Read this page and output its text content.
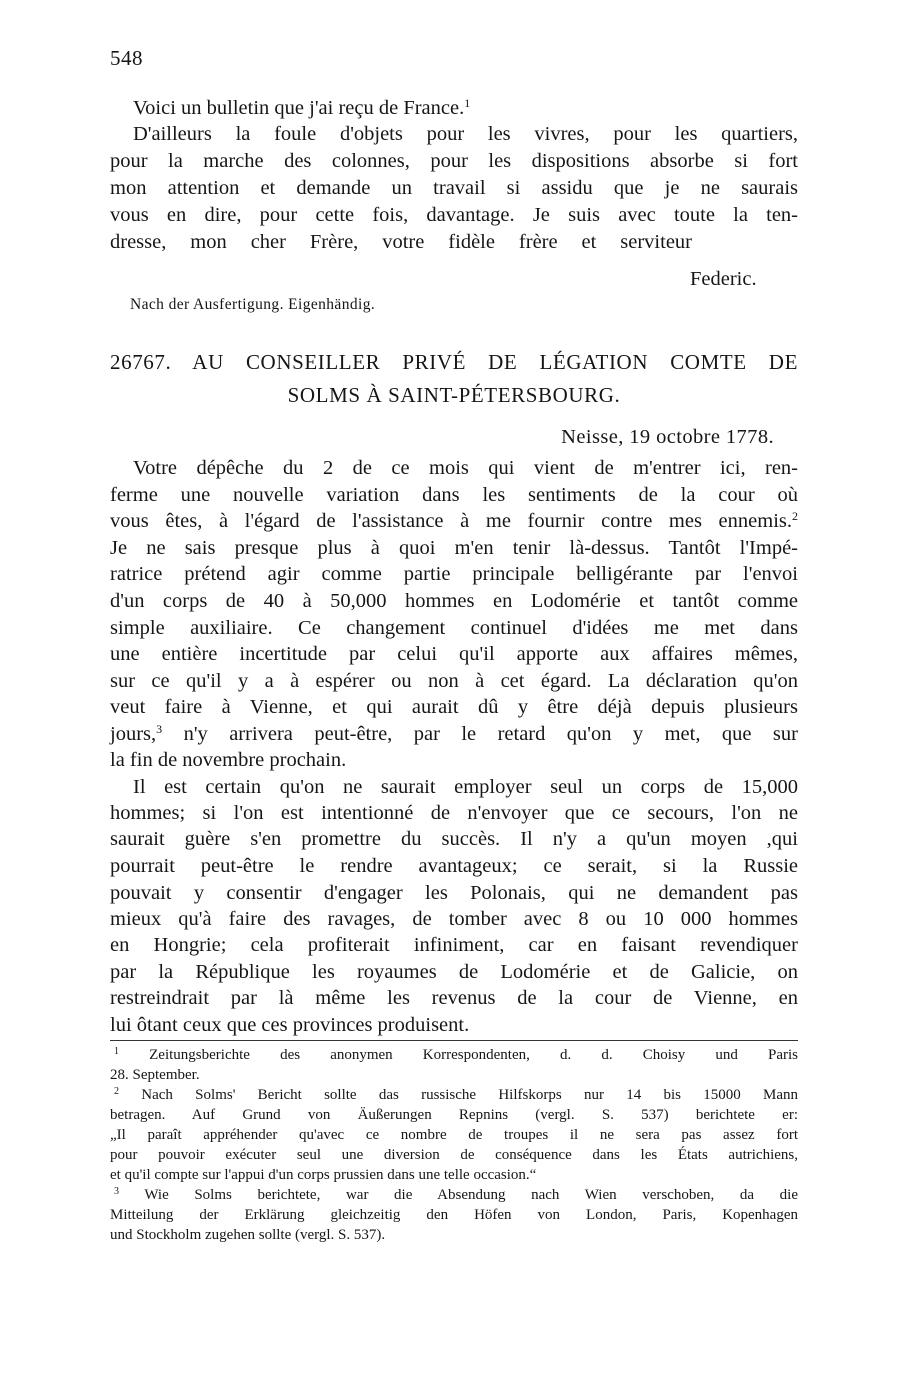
548
Voici un bulletin que j'ai reçu de France.$^1$
D'ailleurs la foule d'objets pour les vivres, pour les quartiers,
pour la marche des colonnes, pour les dispositions absorbe si fort
mon attention et demande un travail si assidu que je ne saurais
vous en dire, pour cette fois, davantage. Je suis avec toute la ten-
dresse, mon cher Frère, votre fidèle frère et serviteur
Federic.
Nach der Ausfertigung. Eigenhändig.
26767. AU CONSEILLER PRIVÉ DE LÉGATION COMTE DE
SOLMS À SAINT-PÉTERSBOURG.
Neisse, 19 octobre 1778.
Votre dépêche du 2 de ce mois qui vient de m'entrer ici, ren-
ferme une nouvelle variation dans les sentiments de la cour où
vous êtes, à l'égard de l'assistance à me fournir contre mes ennemis.$^2$
Je ne sais presque plus à quoi m'en tenir là-dessus. Tantôt l'Impé-
ratrice prétend agir comme partie principale belligérante par l'envoi
d'un corps de 40 à 50,000 hommes en Lodomérie et tantôt comme
simple auxiliaire. Ce changement continuel d'idées me met dans
une entière incertitude par celui qu'il apporte aux affaires mêmes,
sur ce qu'il y a à espérer ou non à cet égard. La déclaration qu'on
veut faire à Vienne, et qui aurait dû y être déjà depuis plusieurs
jours,$^3$ n'y arrivera peut-être, par le retard qu'on y met, que sur
la fin de novembre prochain.
Il est certain qu'on ne saurait employer seul un corps de 15,000
hommes; si l'on est intentionné de n'envoyer que ce secours, l'on ne
saurait guère s'en promettre du succès. Il n'y a qu'un moyen ,qui
pourrait peut-être le rendre avantageux; ce serait, si la Russie
pouvait y consentir d'engager les Polonais, qui ne demandent pas
mieux qu'à faire des ravages, de tomber avec 8 ou 10 000 hommes
en Hongrie; cela profiterait infiniment, car en faisant revendiquer
par la République les royaumes de Lodomérie et de Galicie, on
restreindrait par là même les revenus de la cour de Vienne, en
lui ôtant ceux que ces provinces produisent.
$^1$ Zeitungsberichte des anonymen Korrespondenten, d. d. Choisy und Paris
28. September.
$^2$ Nach Solms' Bericht sollte das russische Hilfskorps nur 14 bis 15000 Mann
betragen. Auf Grund von Äußerungen Repnins (vergl. S. 537) berichtete er:
„Il paraît appréhender qu'avec ce nombre de troupes il ne sera pas assez fort
pour pouvoir exécuter seul une diversion de conséquence dans les États autrichiens,
et qu'il compte sur l'appui d'un corps prussien dans une telle occasion.“
$^3$ Wie Solms berichtete, war die Absendung nach Wien verschoben, da die
Mitteilung der Erklärung gleichzeitig den Höfen von London, Paris, Kopenhagen
und Stockholm zugehen sollte (vergl. S. 537).
